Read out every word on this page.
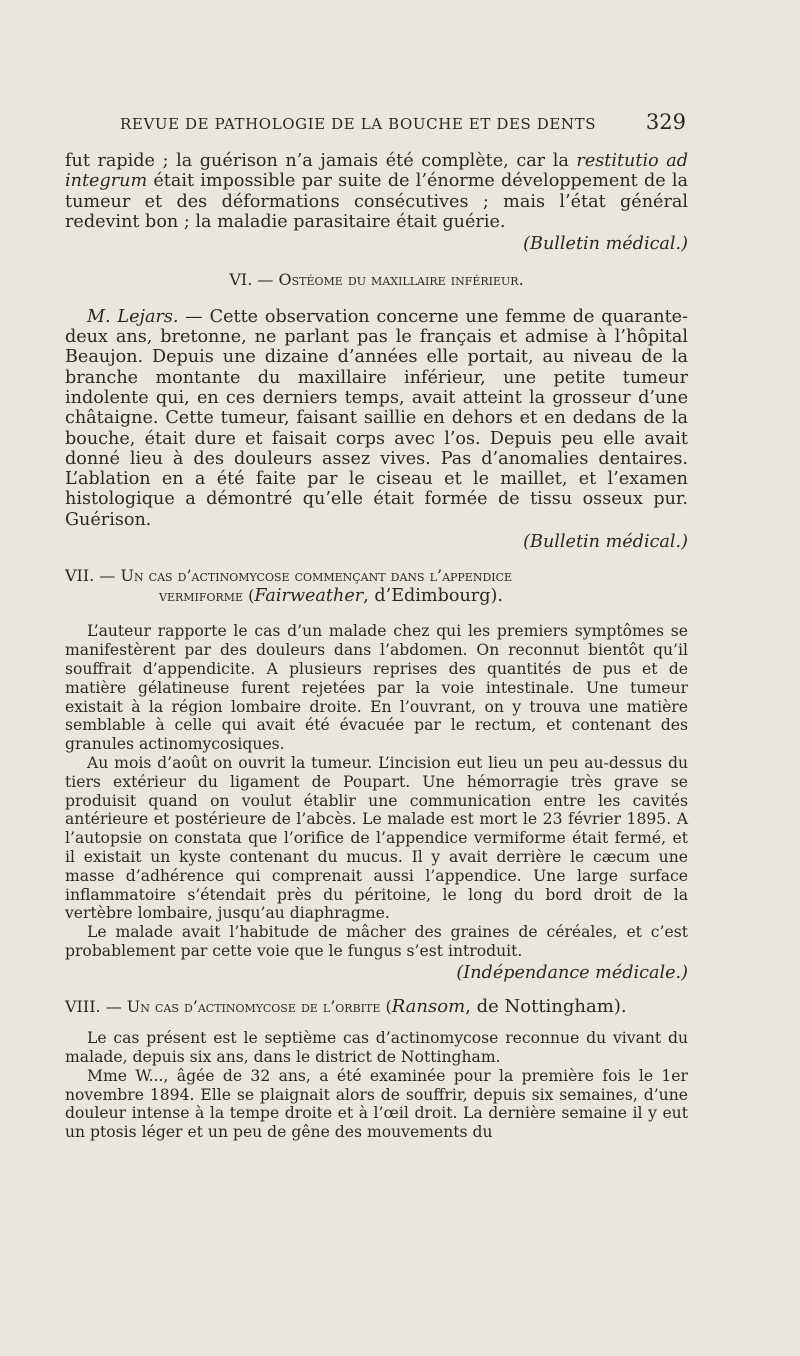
REVUE DE PATHOLOGIE DE LA BOUCHE ET DES DENTS 329

fut rapide ; la guérison n’a jamais été complète, car la restitutio ad integrum était impossible par suite de l’énorme développement de la tumeur et des déformations consécutives ; mais l’état général redevint bon ; la maladie parasitaire était guérie.

(Bulletin médical.)

VI. — Ostéome du maxillaire inférieur.

M. Lejars. — Cette observation concerne une femme de quarante-deux ans, bretonne, ne parlant pas le français et admise à l’hôpital Beaujon. Depuis une dizaine d’années elle portait, au niveau de la branche montante du maxillaire inférieur, une petite tumeur indolente qui, en ces derniers temps, avait atteint la grosseur d’une châtaigne. Cette tumeur, faisant saillie en dehors et en dedans de la bouche, était dure et faisait corps avec l’os. Depuis peu elle avait donné lieu à des douleurs assez vives. Pas d’anomalies dentaires. L’ablation en a été faite par le ciseau et le maillet, et l’examen histologique a démontré qu’elle était formée de tissu osseux pur. Guérison.

(Bulletin médical.)

VII. — Un cas d’actinomycose commençant dans l’appendice
vermiforme (Fairweather, d’Edimbourg).

L’auteur rapporte le cas d’un malade chez qui les premiers symptômes se manifestèrent par des douleurs dans l’abdomen. On reconnut bientôt qu’il souffrait d’appendicite. A plusieurs reprises des quantités de pus et de matière gélatineuse furent rejetées par la voie intestinale. Une tumeur existait à la région lombaire droite. En l’ouvrant, on y trouva une matière semblable à celle qui avait été évacuée par le rectum, et contenant des granules actinomycosiques.

Au mois d’août on ouvrit la tumeur. L’incision eut lieu un peu au-dessus du tiers extérieur du ligament de Poupart. Une hémorragie très grave se produisit quand on voulut établir une communication entre les cavités antérieure et postérieure de l’abcès. Le malade est mort le 23 février 1895. A l’autopsie on constata que l’orifice de l’appendice vermiforme était fermé, et il existait un kyste contenant du mucus. Il y avait derrière le cæcum une masse d’adhérence qui comprenait aussi l’appendice. Une large surface inflammatoire s’étendait près du péritoine, le long du bord droit de la vertèbre lombaire, jusqu’au diaphragme.

Le malade avait l’habitude de mâcher des graines de céréales, et c’est probablement par cette voie que le fungus s’est introduit.

(Indépendance médicale.)

VIII. — Un cas d’actinomycose de l’orbite (Ransom, de Nottingham).

Le cas présent est le septième cas d’actinomycose reconnue du vivant du malade, depuis six ans, dans le district de Nottingham.

Mme W..., âgée de 32 ans, a été examinée pour la première fois le 1er novembre 1894. Elle se plaignait alors de souffrir, depuis six semaines, d’une douleur intense à la tempe droite et à l’œil droit. La dernière semaine il y eut un ptosis léger et un peu de gêne des mouvements du
